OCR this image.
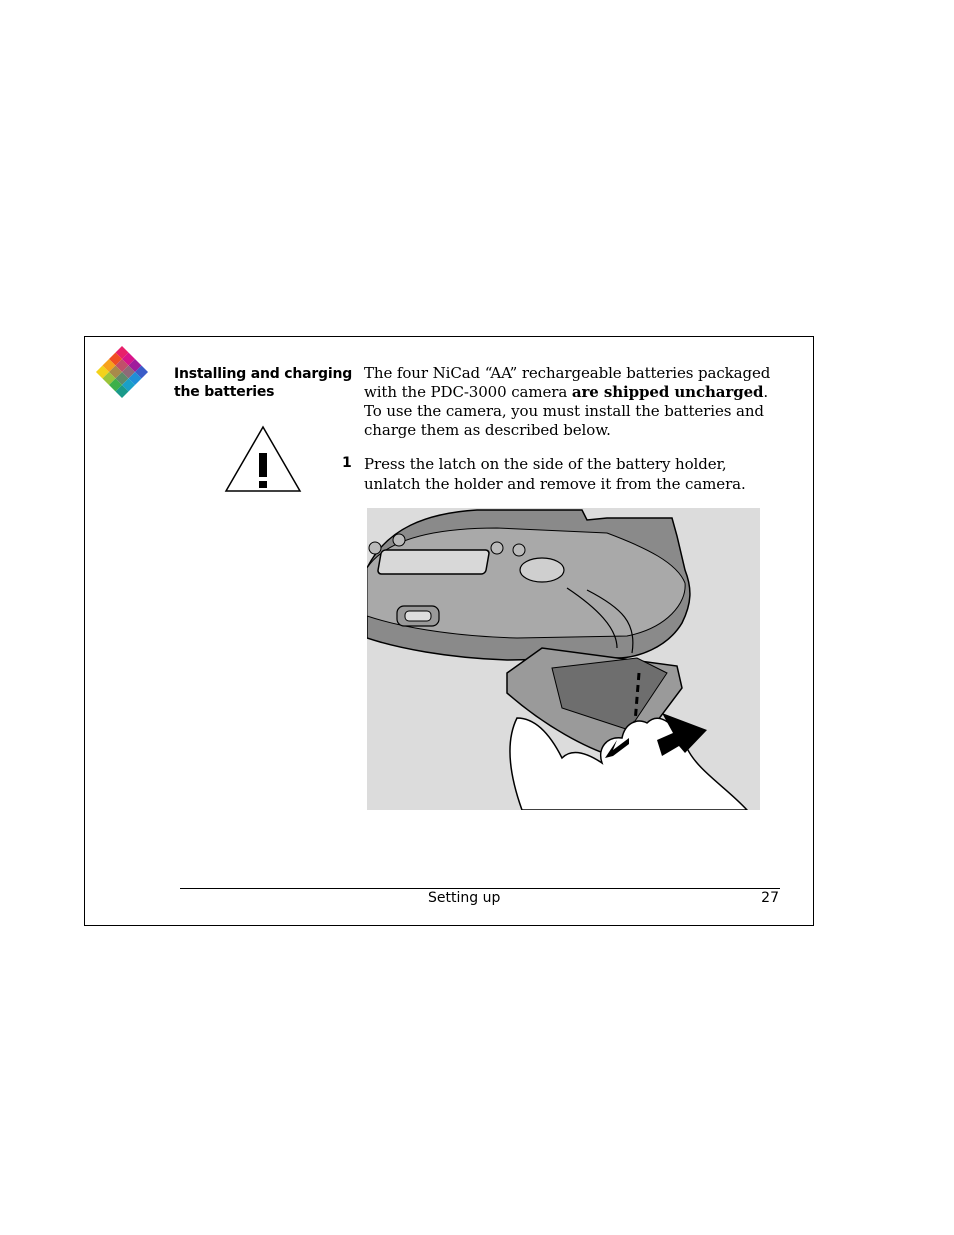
Installing and charging the batteries
The four NiCad “AA” rechargeable batteries packaged with the PDC-3000 camera are shipped uncharged. To use the camera, you must install the batteries and charge them as described below.
1 Press the latch on the side of the battery holder, unlatch the holder and remove it from the camera.
Setting up	27
